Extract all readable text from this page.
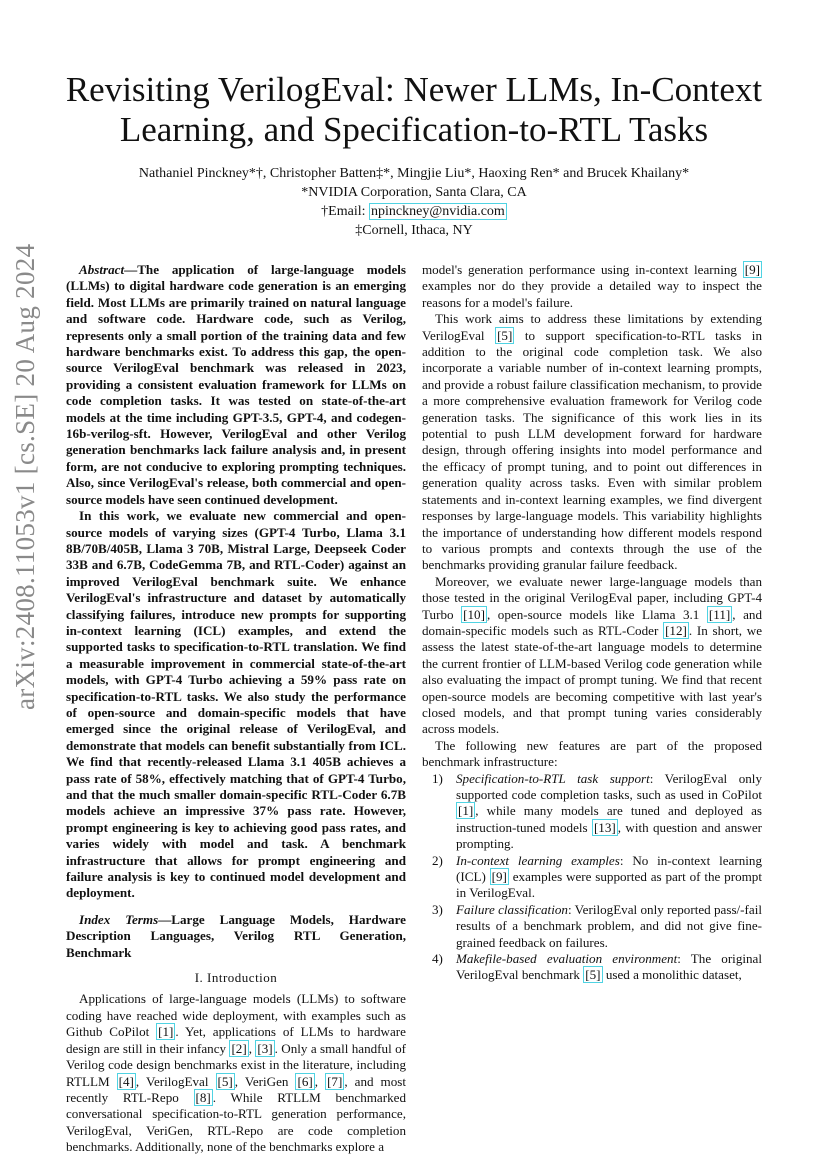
arXiv:2408.11053v1 [cs.SE] 20 Aug 2024
Revisiting VerilogEval: Newer LLMs, In-Context Learning, and Specification-to-RTL Tasks
Nathaniel Pinckney*†, Christopher Batten‡*, Mingjie Liu*, Haoxing Ren* and Brucek Khailany*
*NVIDIA Corporation, Santa Clara, CA
†Email: npinckney@nvidia.com
‡Cornell, Ithaca, NY

Abstract—The application of large-language models (LLMs) to digital hardware code generation is an emerging field. Most LLMs are primarily trained on natural language and software code. Hardware code, such as Verilog, represents only a small portion of the training data and few hardware benchmarks exist. To address this gap, the open-source VerilogEval benchmark was released in 2023, providing a consistent evaluation framework for LLMs on code completion tasks. It was tested on state-of-the-art models at the time including GPT-3.5, GPT-4, and codegen-16b-verilog-sft. However, VerilogEval and other Verilog generation benchmarks lack failure analysis and, in present form, are not conducive to exploring prompting techniques. Also, since VerilogEval's release, both commercial and open-source models have seen continued development.

In this work, we evaluate new commercial and open-source models of varying sizes (GPT-4 Turbo, Llama 3.1 8B/70B/405B, Llama 3 70B, Mistral Large, Deepseek Coder 33B and 6.7B, CodeGemma 7B, and RTL-Coder) against an improved VerilogEval benchmark suite. We enhance VerilogEval's infrastructure and dataset by automatically classifying failures, introduce new prompts for supporting in-context learning (ICL) examples, and extend the supported tasks to specification-to-RTL translation. We find a measurable improvement in commercial state-of-the-art models, with GPT-4 Turbo achieving a 59% pass rate on specification-to-RTL tasks. We also study the performance of open-source and domain-specific models that have emerged since the original release of VerilogEval, and demonstrate that models can benefit substantially from ICL. We find that recently-released Llama 3.1 405B achieves a pass rate of 58%, effectively matching that of GPT-4 Turbo, and that the much smaller domain-specific RTL-Coder 6.7B models achieve an impressive 37% pass rate. However, prompt engineering is key to achieving good pass rates, and varies widely with model and task. A benchmark infrastructure that allows for prompt engineering and failure analysis is key to continued model development and deployment.

Index Terms—Large Language Models, Hardware Description Languages, Verilog RTL Generation, Benchmark

I. Introduction

Applications of large-language models (LLMs) to software coding have reached wide deployment, with examples such as Github CoPilot [1] . Yet, applications of LLMs to hardware design are still in their infancy [2] , [3] . Only a small handful of Verilog code design benchmarks exist in the literature, including RTLLM [4] , VerilogEval [5] , VeriGen [6] , [7] , and most recently RTL-Repo [8] . While RTLLM benchmarked conversational specification-to-RTL generation performance, VerilogEval, VeriGen, RTL-Repo are code completion benchmarks. Additionally, none of the benchmarks explore a

model's generation performance using in-context learning [9] examples nor do they provide a detailed way to inspect the reasons for a model's failure.

This work aims to address these limitations by extending VerilogEval [5] to support specification-to-RTL tasks in addition to the original code completion task. We also incorporate a variable number of in-context learning prompts, and provide a robust failure classification mechanism, to provide a more comprehensive evaluation framework for Verilog code generation tasks. The significance of this work lies in its potential to push LLM development forward for hardware design, through offering insights into model performance and the efficacy of prompt tuning, and to point out differences in generation quality across tasks. Even with similar problem statements and in-context learning examples, we find divergent responses by large-language models. This variability highlights the importance of understanding how different models respond to various prompts and contexts through the use of the benchmarks providing granular failure feedback.

Moreover, we evaluate newer large-language models than those tested in the original VerilogEval paper, including GPT-4 Turbo [10] , open-source models like Llama 3.1 [11] , and domain-specific models such as RTL-Coder [12] . In short, we assess the latest state-of-the-art language models to determine the current frontier of LLM-based Verilog code generation while also evaluating the impact of prompt tuning. We find that recent open-source models are becoming competitive with last year's closed models, and that prompt tuning varies considerably across models.

The following new features are part of the proposed benchmark infrastructure:

1) Specification-to-RTL task support: VerilogEval only supported code completion tasks, such as used in CoPilot [1] , while many models are tuned and deployed as instruction-tuned models [13] , with question and answer prompting.
2) In-context learning examples: No in-context learning (ICL) [9] examples were supported as part of the prompt in VerilogEval.
3) Failure classification: VerilogEval only reported pass/-fail results of a benchmark problem, and did not give fine-grained feedback on failures.
4) Makefile-based evaluation environment: The original VerilogEval benchmark [5] used a monolithic dataset,
